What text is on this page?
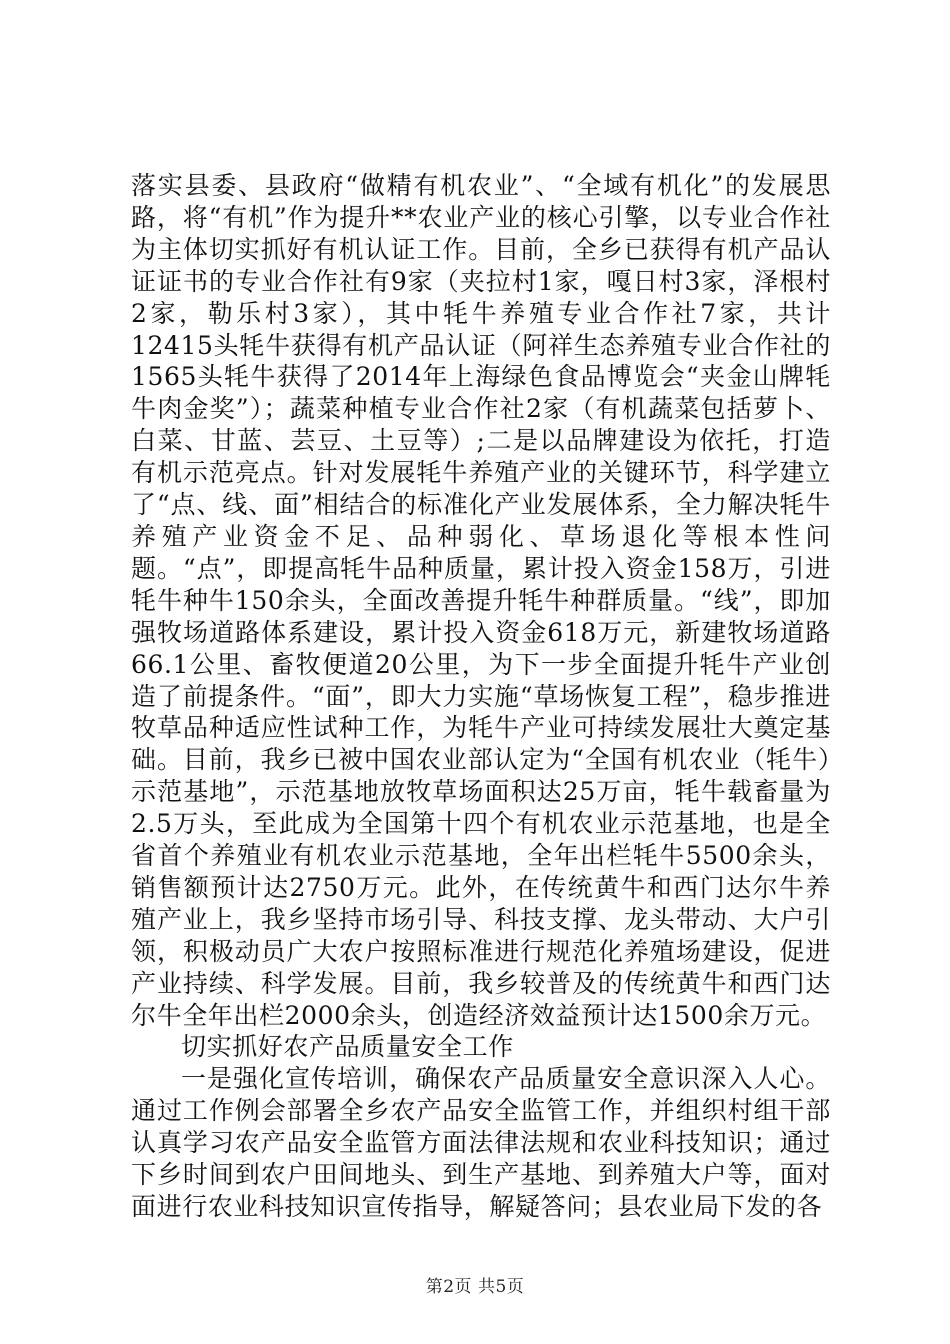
落实县委、县政府“做精有机农业”、“全域有机化”的发展思路，将“有机”作为提升**农业产业的核心引擎，以专业合作社为主体切实抓好有机认证工作。目前，全乡已获得有机产品认证证书的专业合作社有9家（夹拉村1家，嘎日村3家，泽根村2家，勒乐村3家），其中牦牛养殖专业合作社7家，共计12415头牦牛获得有机产品认证（阿祥生态养殖专业合作社的1565头牦牛获得了2014年上海绿色食品博览会“夹金山牌牦牛肉金奖”）；蔬菜种植专业合作社2家（有机蔬菜包括萝卜、白菜、甘蓝、芸豆、土豆等）;二是以品牌建设为依托，打造有机示范亮点。针对发展牦牛养殖产业的关键环节，科学建立了“点、线、面”相结合的标准化产业发展体系，全力解决牦牛养殖产业资金不足、品种弱化、草场退化等根本性问题。“点”，即提高牦牛品种质量，累计投入资金158万，引进牦牛种牛150余头，全面改善提升牦牛种群质量。“线”，即加强牧场道路体系建设，累计投入资金618万元，新建牧场道路66.1公里、畜牧便道20公里，为下一步全面提升牦牛产业创造了前提条件。“面”，即大力实施“草场恢复工程”，稳步推进牧草品种适应性试种工作，为牦牛产业可持续发展壮大奠定基础。目前，我乡已被中国农业部认定为“全国有机农业（牦牛）示范基地”，示范基地放牧草场面积达25万亩，牦牛载畜量为2.5万头，至此成为全国第十四个有机农业示范基地，也是全省首个养殖业有机农业示范基地，全年出栏牦牛5500余头，销售额预计达2750万元。此外，在传统黄牛和西门达尔牛养殖产业上，我乡坚持市场引导、科技支撑、龙头带动、大户引领，积极动员广大农户按照标准进行规范化养殖场建设，促进产业持续、科学发展。目前，我乡较普及的传统黄牛和西门达尔牛全年出栏2000余头，创造经济效益预计达1500余万元。

切实抓好农产品质量安全工作

一是强化宣传培训，确保农产品质量安全意识深入人心。通过工作例会部署全乡农产品安全监管工作，并组织村组干部认真学习农产品安全监管方面法律法规和农业科技知识；通过下乡时间到农户田间地头、到生产基地、到养殖大户等，面对面进行农业科技知识宣传指导，解疑答问；县农业局下发的各

第2页 共5页
